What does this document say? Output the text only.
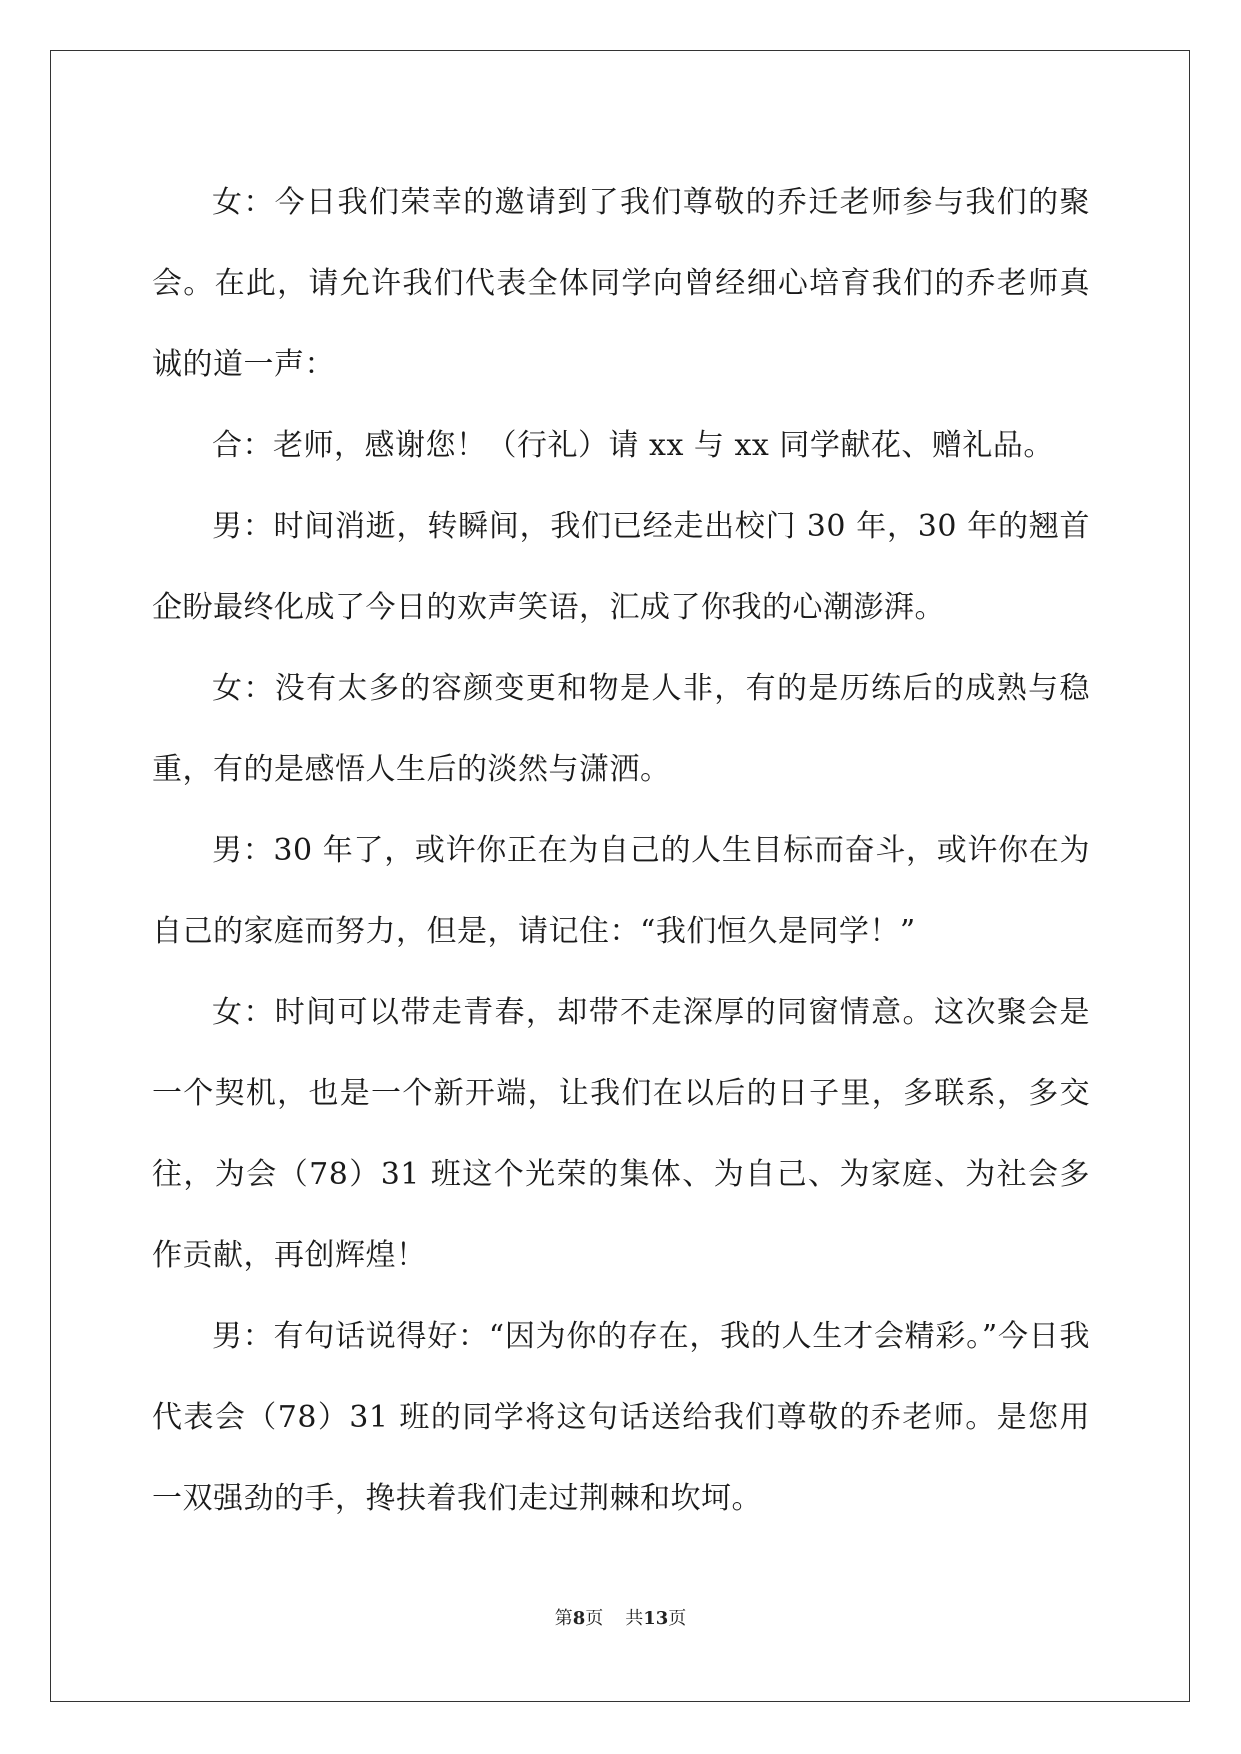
女：今日我们荣幸的邀请到了我们尊敬的乔迁老师参与我们的聚会。在此，请允许我们代表全体同学向曾经细心培育我们的乔老师真诚的道一声：

合：老师，感谢您！（行礼）请 xx 与 xx 同学献花、赠礼品。

男：时间消逝，转瞬间，我们已经走出校门 30 年，30 年的翘首企盼最终化成了今日的欢声笑语，汇成了你我的心潮澎湃。

女：没有太多的容颜变更和物是人非，有的是历练后的成熟与稳重，有的是感悟人生后的淡然与潇洒。

男：30 年了，或许你正在为自己的人生目标而奋斗，或许你在为自己的家庭而努力，但是，请记住：“我们恒久是同学！”

女：时间可以带走青春，却带不走深厚的同窗情意。这次聚会是一个契机，也是一个新开端，让我们在以后的日子里，多联系，多交往，为会（78）31 班这个光荣的集体、为自己、为家庭、为社会多作贡献，再创辉煌！

男：有句话说得好：“因为你的存在，我的人生才会精彩。”今日我代表会（78）31 班的同学将这句话送给我们尊敬的乔老师。是您用一双强劲的手，搀扶着我们走过荆棘和坎坷。

第8页 共13页
